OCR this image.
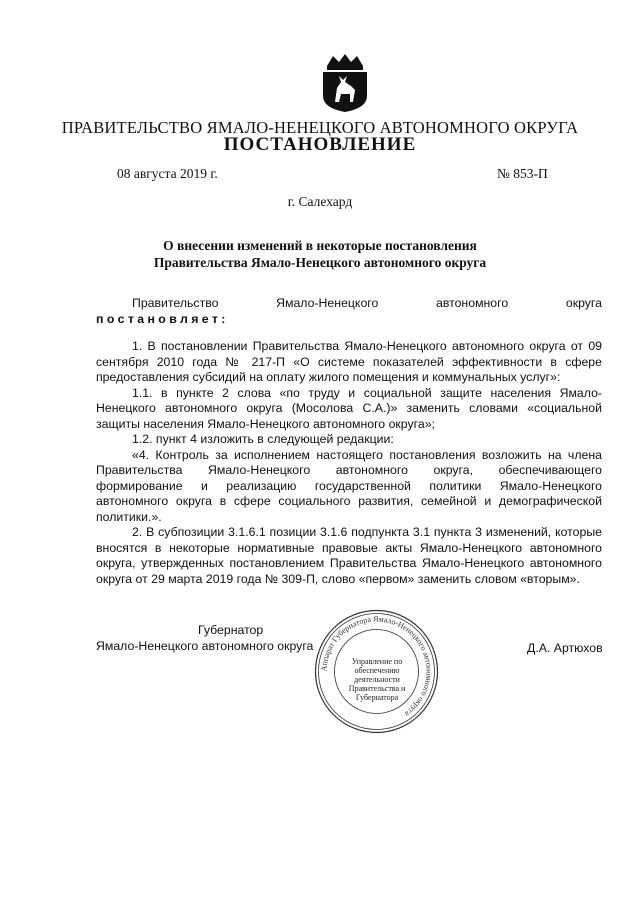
ПРАВИТЕЛЬСТВО ЯМАЛО-НЕНЕЦКОГО АВТОНОМНОГО ОКРУГА
ПОСТАНОВЛЕНИЕ
08 августа 2019 г.	№ 853-П
г. Салехард
О внесении изменений в некоторые постановления
Правительства Ямало-Ненецкого автономного округа
Правительство	Ямало-Ненецкого	автономного	округа
постановляет:

1. В постановлении Правительства Ямало-Ненецкого автономного округа от 09 сентября 2010 года № 217-П «О системе показателей эффективности в сфере предоставления субсидий на оплату жилого помещения и коммунальных услуг»:

1.1. в пункте 2 слова «по труду и социальной защите населения Ямало-Ненецкого автономного округа (Мосолова С.А.)» заменить словами «социальной защиты населения Ямало-Ненецкого автономного округа»;

1.2. пункт 4 изложить в следующей редакции:

«4. Контроль за исполнением настоящего постановления возложить на члена Правительства Ямало-Ненецкого автономного округа, обеспечивающего формирование и реализацию государственной политики Ямало-Ненецкого автономного округа в сфере социального развития, семейной и демографической политики.».

2. В субпозиции 3.1.6.1 позиции 3.1.6 подпункта 3.1 пункта 3 изменений, которые вносятся в некоторые нормативные правовые акты Ямало-Ненецкого автономного округа, утвержденных постановлением Правительства Ямало-Ненецкого автономного округа от 29 марта 2019 года № 309-П, слово «первом» заменить словом «вторым».

Аппарат Губернатора Ямало-Ненецкого автономного округа
Управление по обеспечению деятельности Правительства и Губернатора
Губернатор
Ямало-Ненецкого автономного округа	Д.А. Артюхов
